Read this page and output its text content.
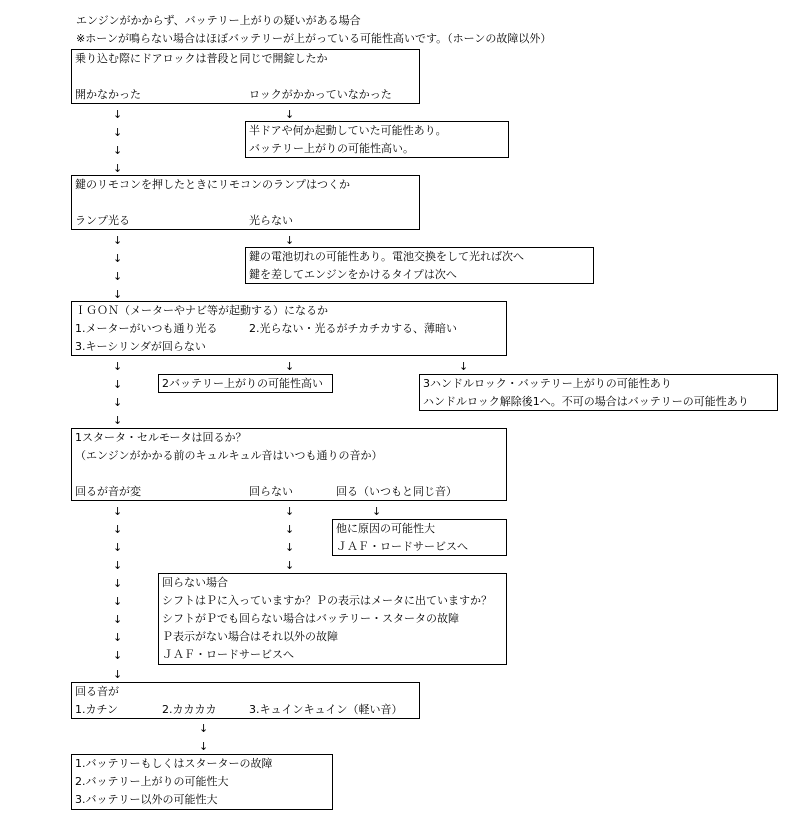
エンジンがかからず、バッテリー上がりの疑いがある場合
※ホーンが鳴らない場合はほぼバッテリーが上がっている可能性高いです。（ホーンの故障以外）
乗り込む際にドアロックは普段と同じで開錠したか
開かなかった	ロックがかかっていなかった
↓
↓
↓
↓
↓
半ドアや何か起動していた可能性あり。
バッテリー上がりの可能性高い。
鍵のリモコンを押したときにリモコンのランプはつくか
ランプ光る	光らない
↓
↓
↓
↓
↓
鍵の電池切れの可能性あり。電池交換をして光れば次へ
鍵を差してエンジンをかけるタイプは次へ
ＩＧＯＮ（メーターやナビ等が起動する）になるか
1.メーターがいつも通り光る	2.光らない・光るがチカチカする、薄暗い
3.キーシリンダが回らない
↓
↓
↓
↓
↓	↓
2バッテリー上がりの可能性高い	3ハンドルロック・バッテリー上がりの可能性あり
ハンドルロック解除後1へ。不可の場合はバッテリーの可能性あり
1スタータ・セルモータは回るか？
（エンジンがかかる前のキュルキュル音はいつも通りの音か）
回るが音が変	回らない	回る（いつもと同じ音）
↓
↓
↓
↓
↓
↓
↓
↓
↓
↓
↓
↓
↓
↓
↓
他に原因の可能性大
ＪＡＦ・ロードサービスへ
回らない場合
シフトはＰに入っていますか？Ｐの表示はメータに出ていますか？
シフトがＰでも回らない場合はバッテリー・スタータの故障
Ｐ表示がない場合はそれ以外の故障
ＪＡＦ・ロードサービスへ
回る音が
1.カチン	2.カカカカ	3.キュインキュイン（軽い音）
↓
↓
1.バッテリーもしくはスターターの故障
2.バッテリー上がりの可能性大
3.バッテリー以外の可能性大
